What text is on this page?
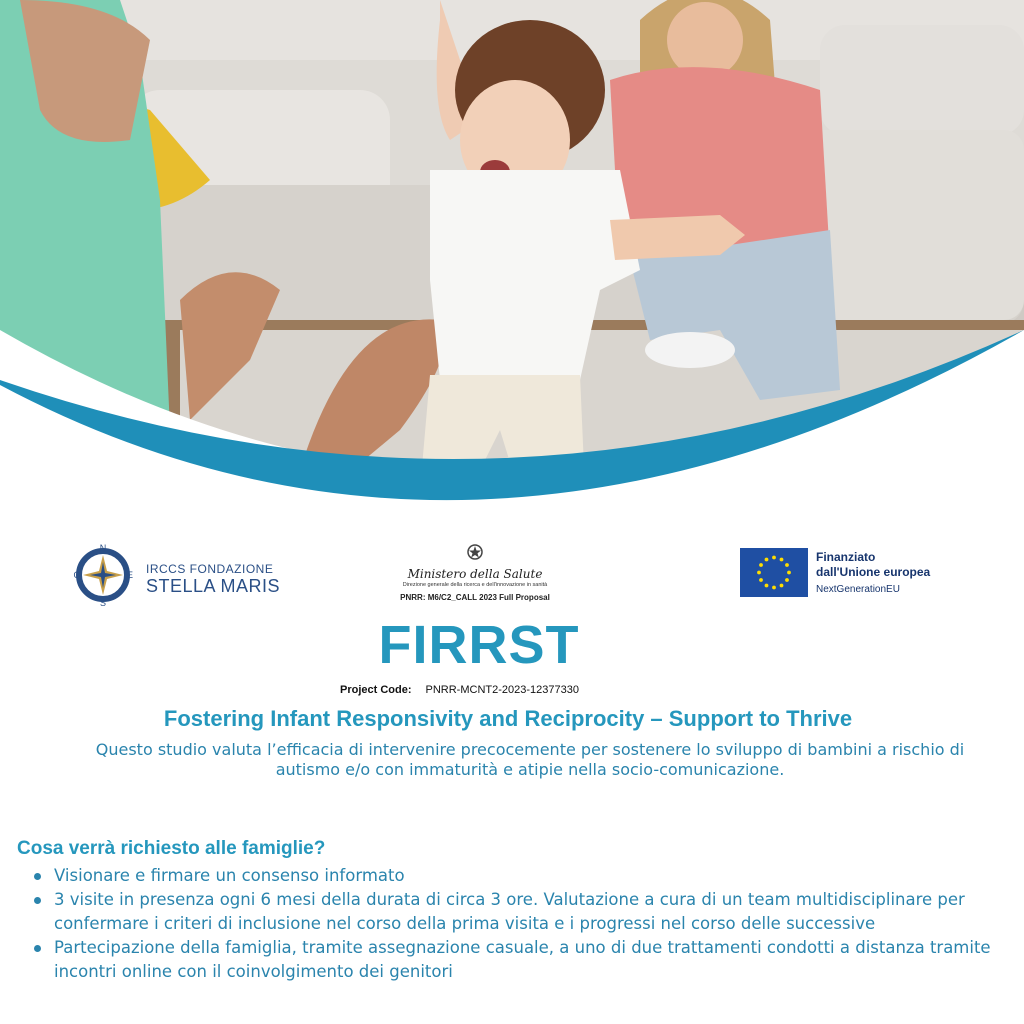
N
O	E
S
IRCCS FONDAZIONE
STELLA MARIS
Ministero della Salute
Direzione generale della ricerca e dell'innovazione in sanità
PNRR: M6/C2_CALL 2023 Full Proposal
Finanziato
dall'Unione europea
NextGenerationEU
FIRRST
Project Code: PNRR-MCNT2-2023-12377330
Fostering Infant Responsivity and Reciprocity – Support to Thrive
Questo studio valuta l’efficacia di intervenire precocemente per sostenere lo sviluppo di bambini a rischio di autismo e/o con immaturità e atipie nella socio-comunicazione.
Cosa verrà richiesto alle famiglie?
Visionare e firmare un consenso informato
3 visite in presenza ogni 6 mesi della durata di circa 3 ore. Valutazione a cura di un team multidisciplinare per confermare i criteri di inclusione nel corso della prima visita e i progressi nel corso delle successive
Partecipazione della famiglia, tramite assegnazione casuale, a uno di due trattamenti condotti a distanza tramite incontri online con il coinvolgimento dei genitori
